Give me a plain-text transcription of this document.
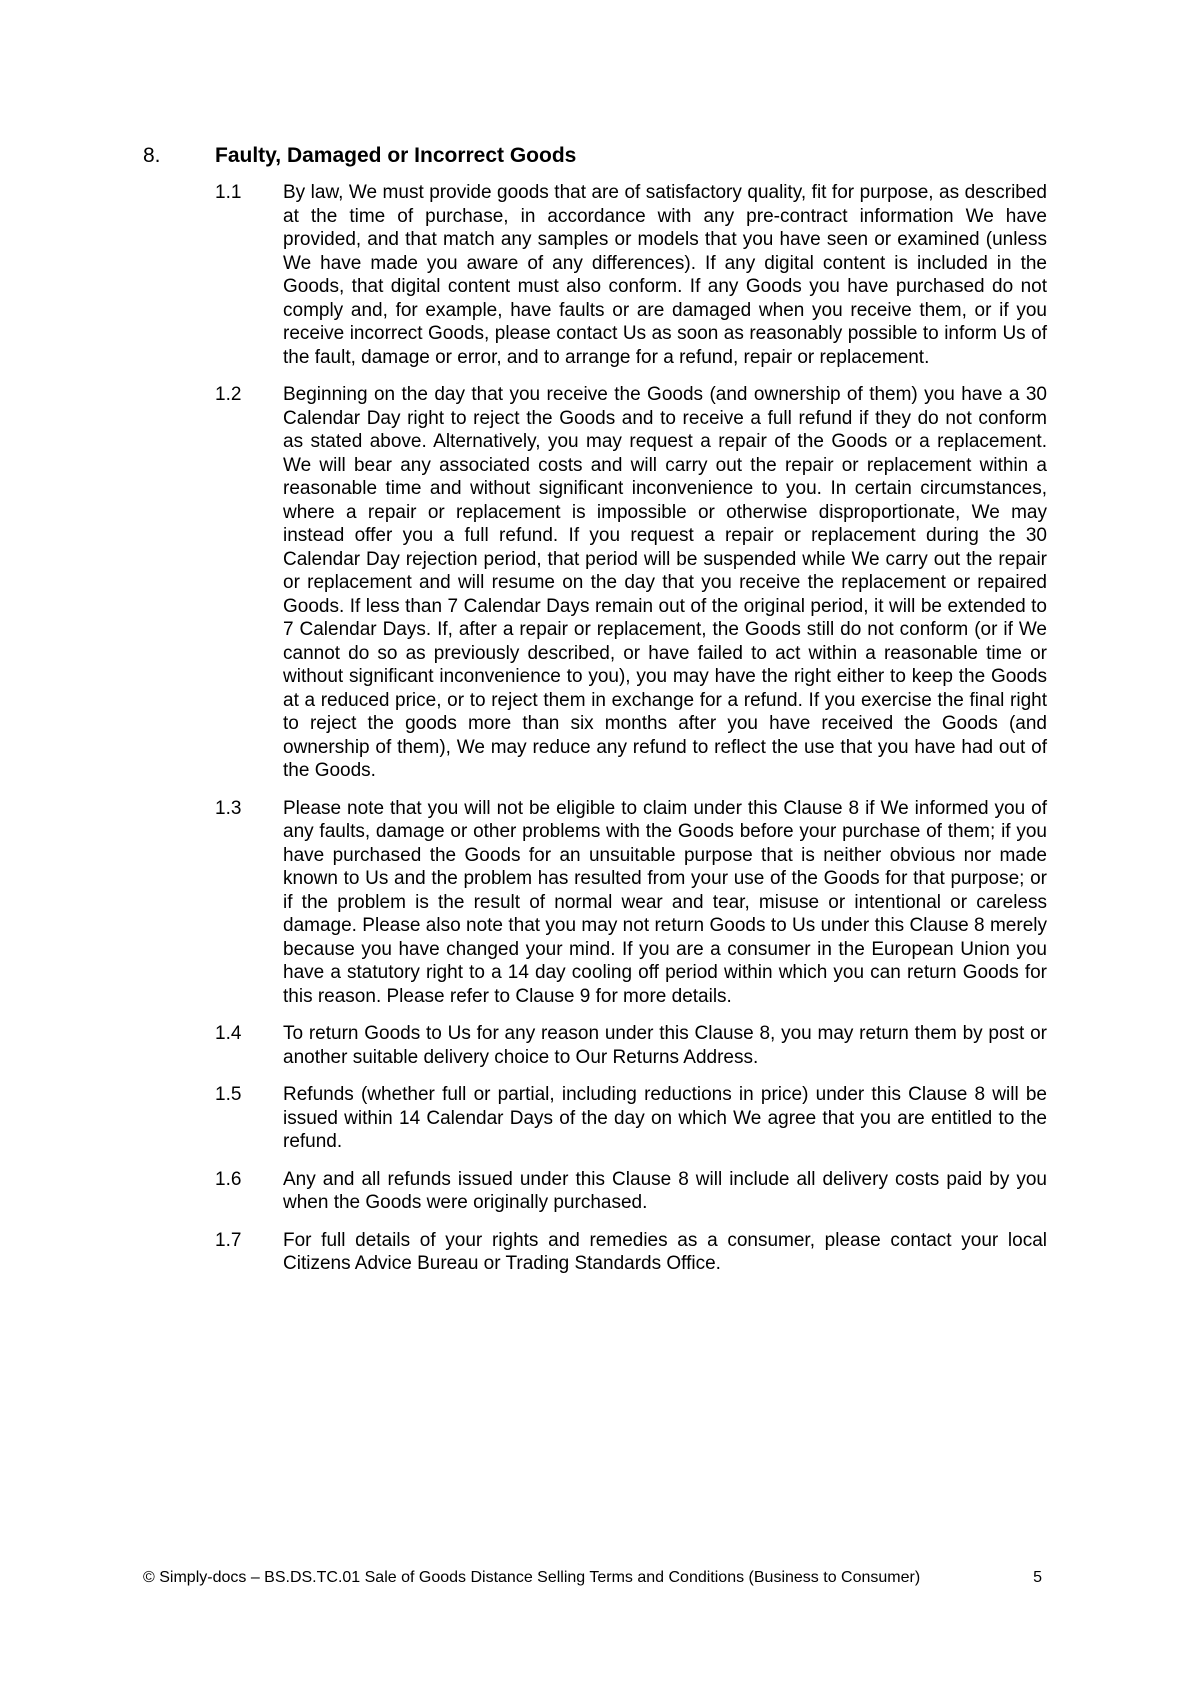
8.	Faulty, Damaged or Incorrect Goods
1.1	By law, We must provide goods that are of satisfactory quality, fit for purpose, as described at the time of purchase, in accordance with any pre-contract information We have provided, and that match any samples or models that you have seen or examined (unless We have made you aware of any differences). If any digital content is included in the Goods, that digital content must also conform. If any Goods you have purchased do not comply and, for example, have faults or are damaged when you receive them, or if you receive incorrect Goods, please contact Us as soon as reasonably possible to inform Us of the fault, damage or error, and to arrange for a refund, repair or replacement.
1.2	Beginning on the day that you receive the Goods (and ownership of them) you have a 30 Calendar Day right to reject the Goods and to receive a full refund if they do not conform as stated above. Alternatively, you may request a repair of the Goods or a replacement. We will bear any associated costs and will carry out the repair or replacement within a reasonable time and without significant inconvenience to you. In certain circumstances, where a repair or replacement is impossible or otherwise disproportionate, We may instead offer you a full refund. If you request a repair or replacement during the 30 Calendar Day rejection period, that period will be suspended while We carry out the repair or replacement and will resume on the day that you receive the replacement or repaired Goods. If less than 7 Calendar Days remain out of the original period, it will be extended to 7 Calendar Days. If, after a repair or replacement, the Goods still do not conform (or if We cannot do so as previously described, or have failed to act within a reasonable time or without significant inconvenience to you), you may have the right either to keep the Goods at a reduced price, or to reject them in exchange for a refund. If you exercise the final right to reject the goods more than six months after you have received the Goods (and ownership of them), We may reduce any refund to reflect the use that you have had out of the Goods.
1.3	Please note that you will not be eligible to claim under this Clause 8 if We informed you of any faults, damage or other problems with the Goods before your purchase of them; if you have purchased the Goods for an unsuitable purpose that is neither obvious nor made known to Us and the problem has resulted from your use of the Goods for that purpose; or if the problem is the result of normal wear and tear, misuse or intentional or careless damage. Please also note that you may not return Goods to Us under this Clause 8 merely because you have changed your mind. If you are a consumer in the European Union you have a statutory right to a 14 day cooling off period within which you can return Goods for this reason. Please refer to Clause 9 for more details.
1.4	To return Goods to Us for any reason under this Clause 8, you may return them by post or another suitable delivery choice to Our Returns Address.
1.5	Refunds (whether full or partial, including reductions in price) under this Clause 8 will be issued within 14 Calendar Days of the day on which We agree that you are entitled to the refund.
1.6	Any and all refunds issued under this Clause 8 will include all delivery costs paid by you when the Goods were originally purchased.
1.7	For full details of your rights and remedies as a consumer, please contact your local Citizens Advice Bureau or Trading Standards Office.
© Simply-docs – BS.DS.TC.01 Sale of Goods Distance Selling Terms and Conditions (Business to Consumer)	5
